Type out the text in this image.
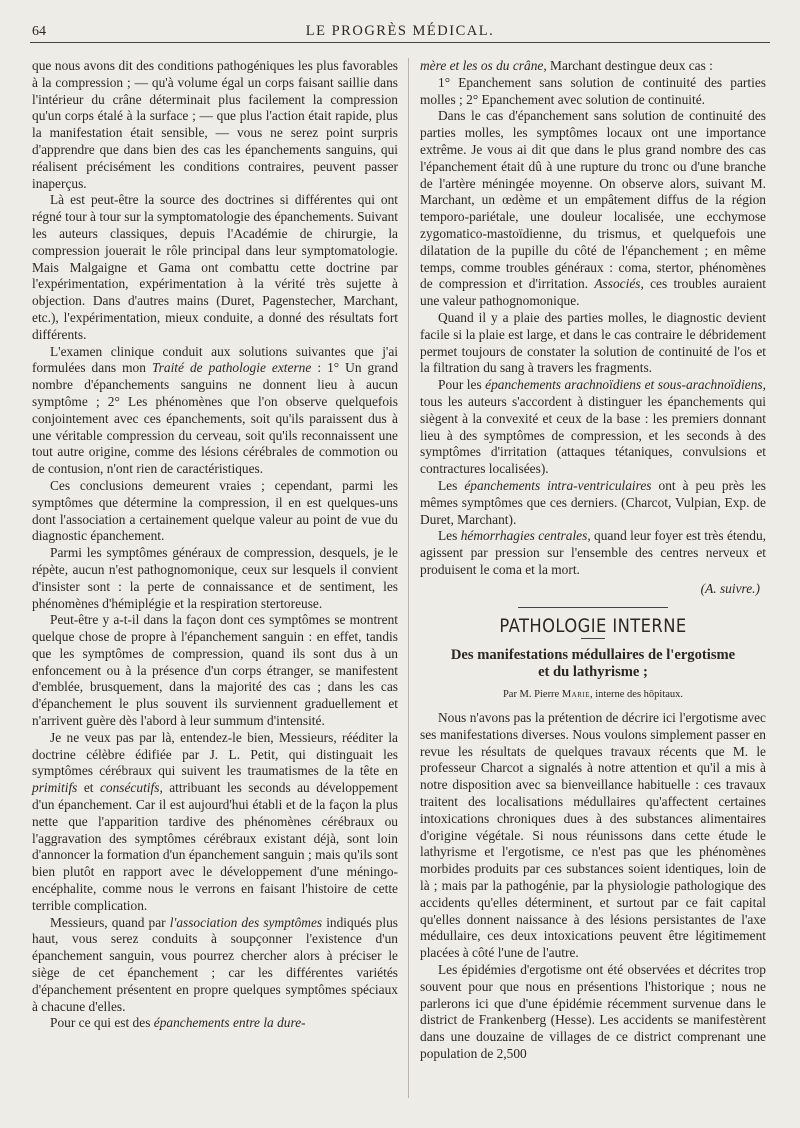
64	LE PROGRÈS MÉDICAL.

que nous avons dit des conditions pathogéniques les plus favorables à la compression ; — qu'à volume égal un corps faisant saillie dans l'intérieur du crâne déterminait plus facilement la compression qu'un corps étalé à la surface ; — que plus l'action était rapide, plus la manifestation était sensible, — vous ne serez point surpris d'apprendre que dans bien des cas les épanchements sanguins, qui réalisent précisément les conditions contraires, peuvent passer inaperçus.

Là est peut-être la source des doctrines si différentes qui ont régné tour à tour sur la symptomatologie des épanchements. Suivant les auteurs classiques, depuis l'Académie de chirurgie, la compression jouerait le rôle principal dans leur symptomatologie. Mais Malgaigne et Gama ont combattu cette doctrine par l'expérimentation, expérimentation à la vérité très sujette à objection. Dans d'autres mains (Duret, Pagenstecher, Marchant, etc.), l'expérimentation, mieux conduite, a donné des résultats fort différents.

L'examen clinique conduit aux solutions suivantes que j'ai formulées dans mon Traité de pathologie externe : 1° Un grand nombre d'épanchements sanguins ne donnent lieu à aucun symptôme ; 2° Les phénomènes que l'on observe quelquefois conjointement avec ces épanchements, soit qu'ils paraissent dus à une véritable compression du cerveau, soit qu'ils reconnaissent une tout autre origine, comme des lésions cérébrales de commotion ou de contusion, n'ont rien de caractéristiques.

Ces conclusions demeurent vraies ; cependant, parmi les symptômes que détermine la compression, il en est quelques-uns dont l'association a certainement quelque valeur au point de vue du diagnostic épanchement.

Parmi les symptômes généraux de compression, desquels, je le répète, aucun n'est pathognomonique, ceux sur lesquels il convient d'insister sont : la perte de connaissance et de sentiment, les phénomènes d'hémiplégie et la respiration stertoreuse.

Peut-être y a-t-il dans la façon dont ces symptômes se montrent quelque chose de propre à l'épanchement sanguin : en effet, tandis que les symptômes de compression, quand ils sont dus à un enfoncement ou à la présence d'un corps étranger, se manifestent d'emblée, brusquement, dans la majorité des cas ; dans les cas d'épanchement le plus souvent ils surviennent graduellement et n'arrivent guère dès l'abord à leur summum d'intensité.

Je ne veux pas par là, entendez-le bien, Messieurs, rééditer la doctrine célèbre édifiée par J. L. Petit, qui distinguait les symptômes cérébraux qui suivent les traumatismes de la tête en primitifs et consécutifs, attribuant les seconds au développement d'un épanchement. Car il est aujourd'hui établi et de la façon la plus nette que l'apparition tardive des phénomènes cérébraux ou l'aggravation des symptômes cérébraux existant déjà, sont loin d'annoncer la formation d'un épanchement sanguin ; mais qu'ils sont bien plutôt en rapport avec le développement d'une méningo-encéphalite, comme nous le verrons en faisant l'histoire de cette terrible complication.

Messieurs, quand par l'association des symptômes indiqués plus haut, vous serez conduits à soupçonner l'existence d'un épanchement sanguin, vous pourrez chercher alors à préciser le siège de cet épanchement ; car les différentes variétés d'épanchement présentent en propre quelques symptômes spéciaux à chacune d'elles.

Pour ce qui est des épanchements entre la dure-

mère et les os du crâne, Marchant destingue deux cas :

1° Epanchement sans solution de continuité des parties molles ; 2° Epanchement avec solution de continuité.

Dans le cas d'épanchement sans solution de continuité des parties molles, les symptômes locaux ont une importance extrême. Je vous ai dit que dans le plus grand nombre des cas l'épanchement était dû à une rupture du tronc ou d'une branche de l'artère méningée moyenne. On observe alors, suivant M. Marchant, un œdème et un empâtement diffus de la région temporo-pariétale, une douleur localisée, une ecchymose zygomatico-mastoïdienne, du trismus, et quelquefois une dilatation de la pupille du côté de l'épanchement ; en même temps, comme troubles généraux : coma, stertor, phénomènes de compression et d'irritation. Associés, ces troubles auraient une valeur pathognomonique.

Quand il y a plaie des parties molles, le diagnostic devient facile si la plaie est large, et dans le cas contraire le débridement permet toujours de constater la solution de continuité de l'os et la filtration du sang à travers les fragments.

Pour les épanchements arachnoïdiens et sous-arachnoïdiens, tous les auteurs s'accordent à distinguer les épanchements qui siègent à la convexité et ceux de la base : les premiers donnant lieu à des symptômes de compression, et les seconds à des symptômes d'irritation (attaques tétaniques, convulsions et contractures localisées).

Les épanchements intra-ventriculaires ont à peu près les mêmes symptômes que ces derniers. (Charcot, Vulpian, Exp. de Duret, Marchant).

Les hémorrhagies centrales, quand leur foyer est très étendu, agissent par pression sur l'ensemble des centres nerveux et produisent le coma et la mort.

(A. suivre.)

PATHOLOGIE INTERNE
Des manifestations médullaires de l'ergotisme
et du lathyrisme ;
Par M. Pierre Marie, interne des hôpitaux.

Nous n'avons pas la prétention de décrire ici l'ergotisme avec ses manifestations diverses. Nous voulons simplement passer en revue les résultats de quelques travaux récents que M. le professeur Charcot a signalés à notre attention et qu'il a mis à notre disposition avec sa bienveillance habituelle : ces travaux traitent des localisations médullaires qu'affectent certaines intoxications chroniques dues à des substances alimentaires d'origine végétale. Si nous réunissons dans cette étude le lathyrisme et l'ergotisme, ce n'est pas que les phénomènes morbides produits par ces substances soient identiques, loin de là ; mais par la pathogénie, par la physiologie pathologique des accidents qu'elles déterminent, et surtout par ce fait capital qu'elles donnent naissance à des lésions persistantes de l'axe médullaire, ces deux intoxications peuvent être légitimement placées à côté l'une de l'autre.

Les épidémies d'ergotisme ont été observées et décrites trop souvent pour que nous en présentions l'historique ; nous ne parlerons ici que d'une épidémie récemment survenue dans le district de Frankenberg (Hesse). Les accidents se manifestèrent dans une douzaine de villages de ce district comprenant une population de 2,500
